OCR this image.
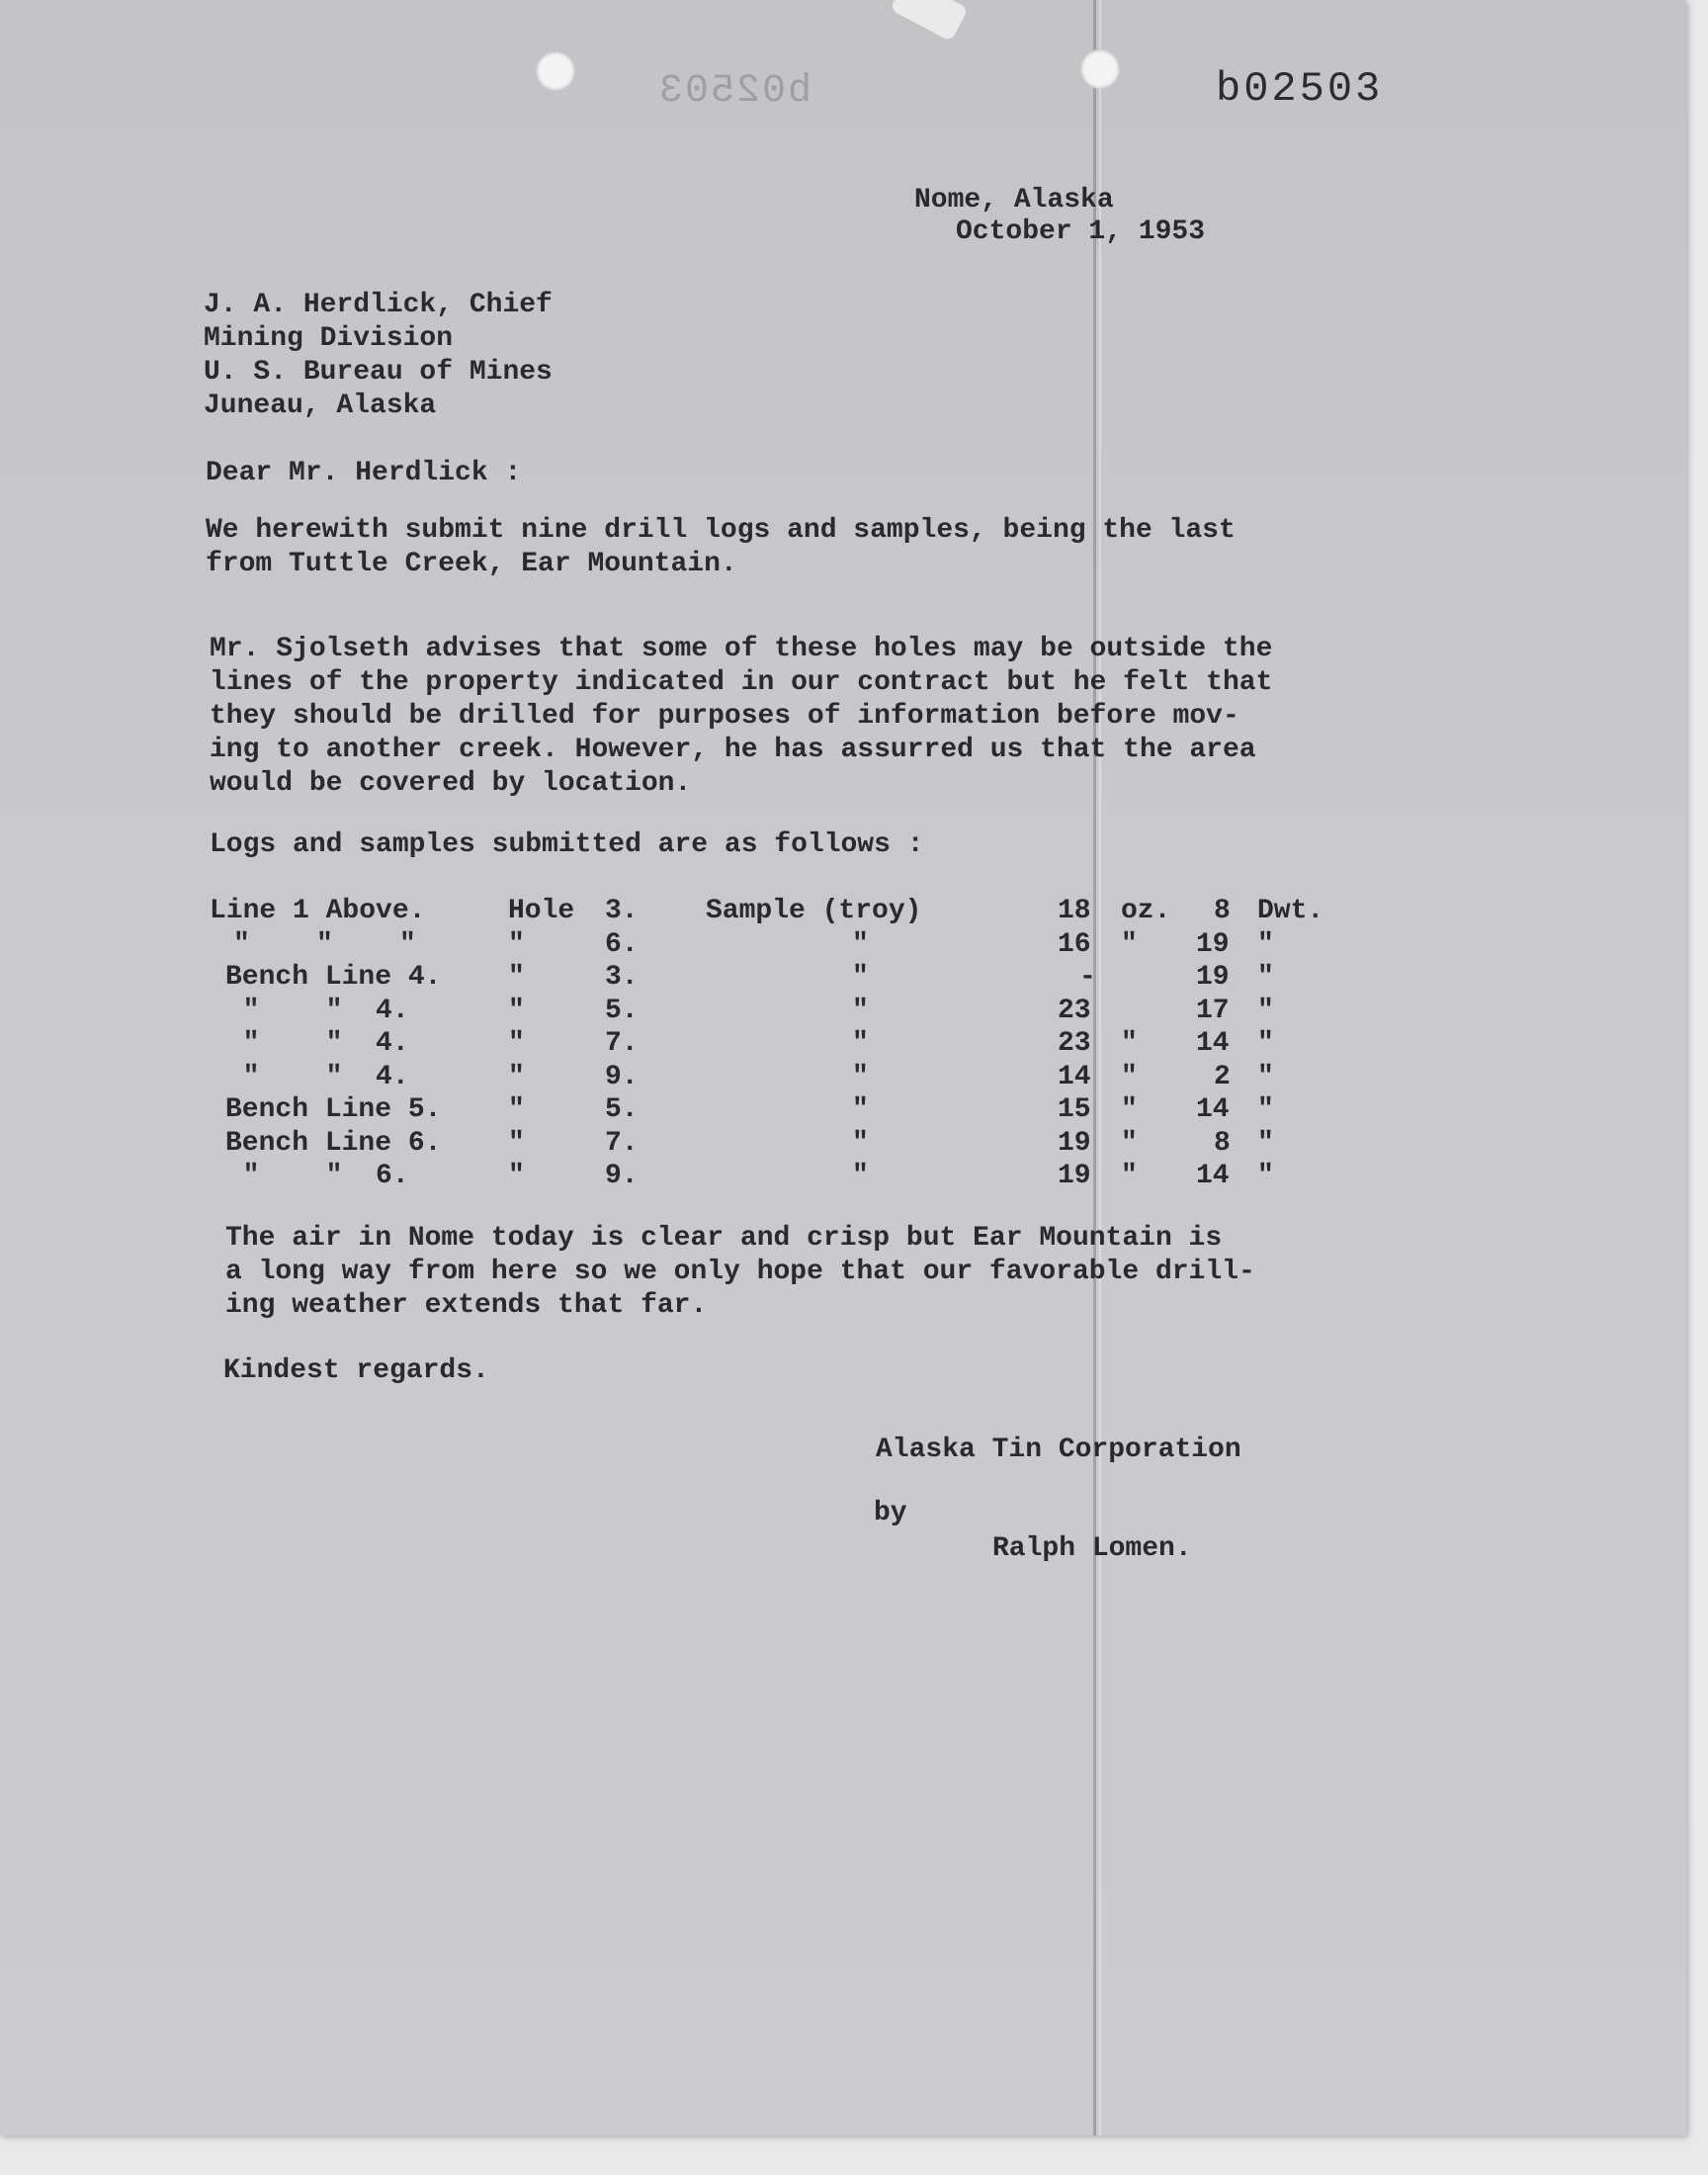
b02503	b02503
Nome, Alaska
October 1, 1953
J. A. Herdlick, Chief
Mining Division
U. S. Bureau of Mines
Juneau, Alaska
Dear Mr. Herdlick :
We herewith submit nine drill logs and samples, being the last
from Tuttle Creek, Ear Mountain.
Mr. Sjolseth advises that some of these holes may be outside the
lines of the property indicated in our contract but he felt that
they should be drilled for purposes of information before mov-
ing to another creek. However, he has assurred us that the area
would be covered by location.
Logs and samples submitted are as follows :
Line 1 Above.	Hole 3. Sample (troy)	18 oz. 8 Dwt.
"    "    "	"	6.	"	16 " 19 "
Bench Line 4. "	3.	"	-	19 "
"    "  4.	"	5.	"	23	17 "
"    "  4.	"	7.	"	23 " 14 "
"    "  4.	"	9.	"	14 "	2 "
Bench Line 5. "	5.	"	15 " 14 "
Bench Line 6. "	7.	"	19 "	8 "
"    "  6.	"	9.	"	19 " 14 "
The air in Nome today is clear and crisp but Ear Mountain is
a long way from here so we only hope that our favorable drill-
ing weather extends that far.
Kindest regards.
Alaska Tin Corporation
by
Ralph Lomen.
